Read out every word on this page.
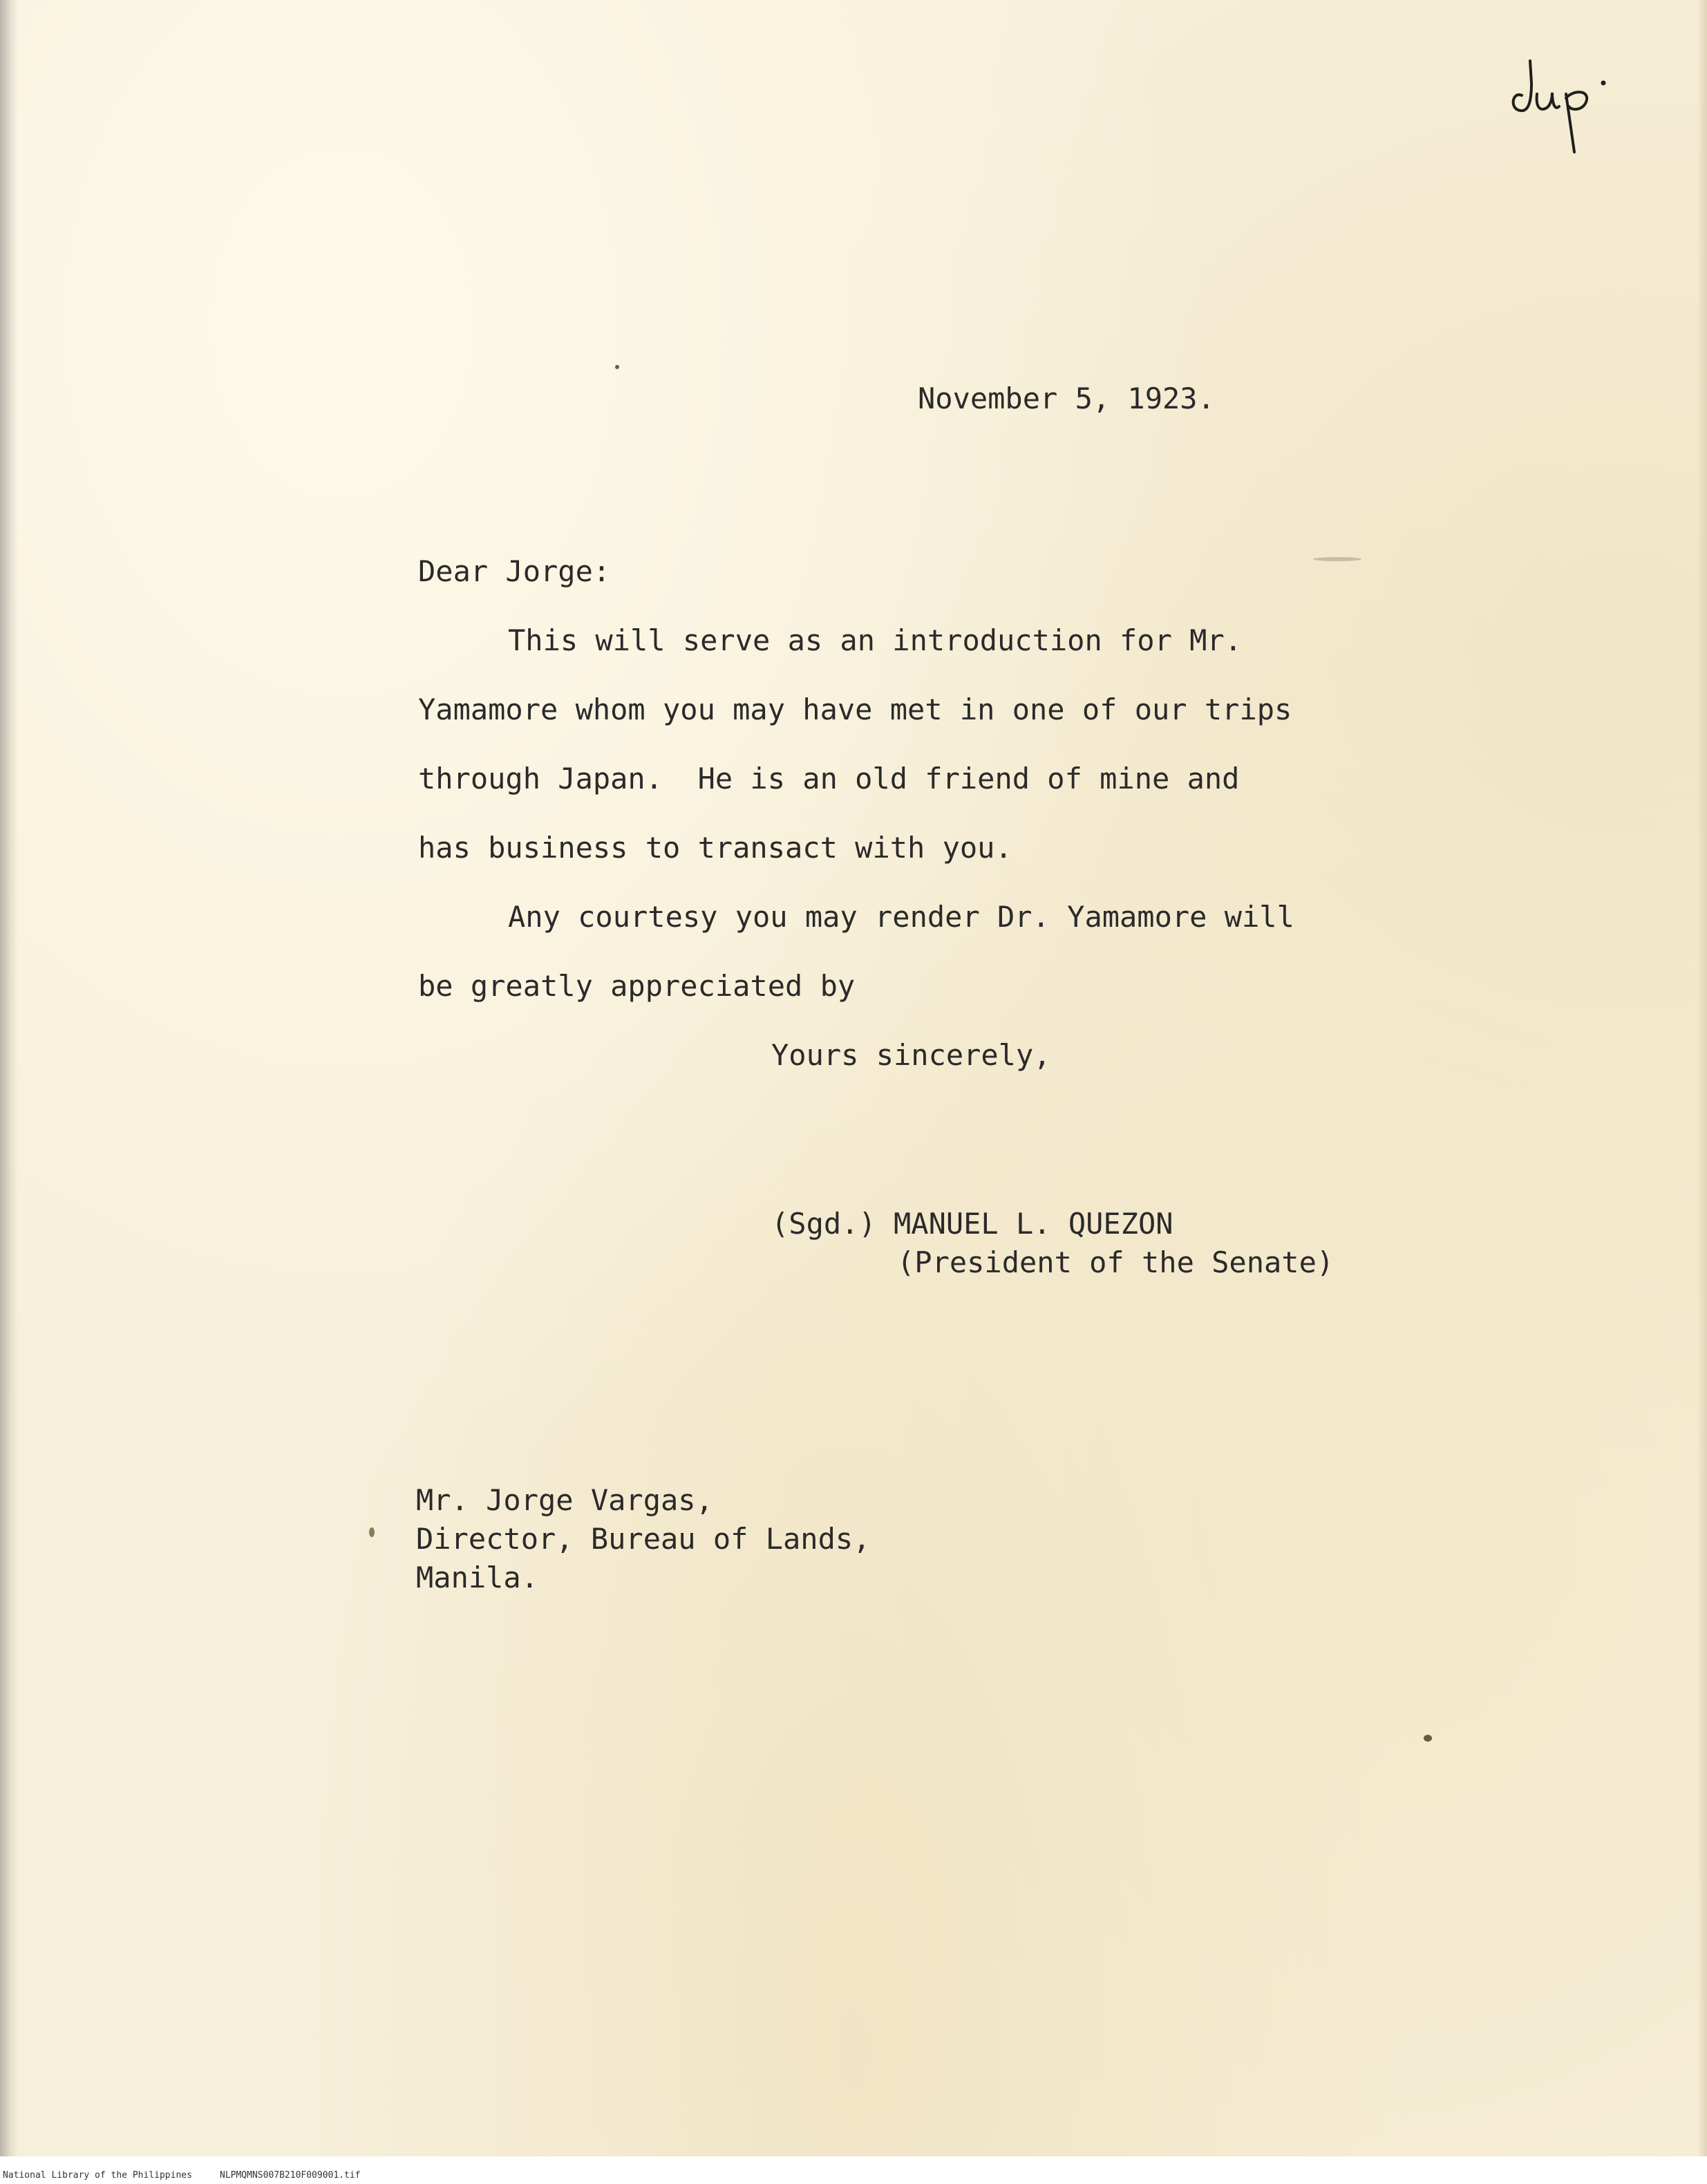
November 5, 1923.

Dear Jorge:

This will serve as an introduction for Mr.

Yamamore whom you may have met in one of our trips

through Japan.  He is an old friend of mine and

has business to transact with you.

Any courtesy you may render Dr. Yamamore will

be greatly appreciated by

Yours sincerely,

(Sgd.) MANUEL L. QUEZON

(President of the Senate)

Mr. Jorge Vargas,

Director, Bureau of Lands,

Manila.

National Library of the Philippines	NLPMQMNS007B210F009001.tif
